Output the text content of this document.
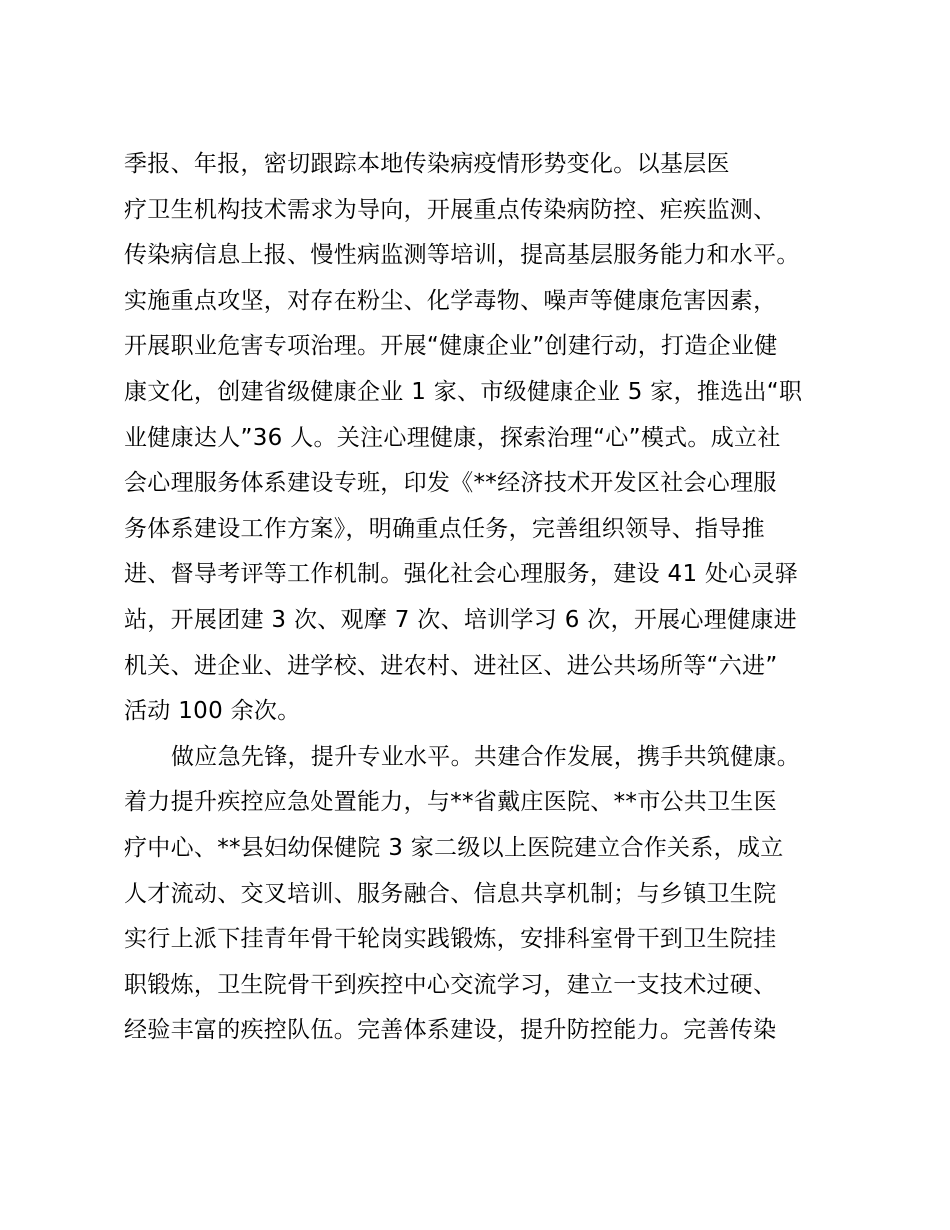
季报、年报，密切跟踪本地传染病疫情形势变化。以基层医
疗卫生机构技术需求为导向，开展重点传染病防控、疟疾监测、
传染病信息上报、慢性病监测等培训，提高基层服务能力和水平。
实施重点攻坚，对存在粉尘、化学毒物、噪声等健康危害因素，
开展职业危害专项治理。开展“健康企业”创建行动，打造企业健
康文化，创建省级健康企业 1 家、市级健康企业 5 家，推选出“职
业健康达人”36 人。关注心理健康，探索治理“心”模式。成立社
会心理服务体系建设专班，印发《**经济技术开发区社会心理服
务体系建设工作方案》，明确重点任务，完善组织领导、指导推
进、督导考评等工作机制。强化社会心理服务，建设 41 处心灵驿
站，开展团建 3 次、观摩 7 次、培训学习 6 次，开展心理健康进
机关、进企业、进学校、进农村、进社区、进公共场所等“六进”
活动 100 余次。
做应急先锋，提升专业水平。共建合作发展，携手共筑健康。
着力提升疾控应急处置能力，与**省戴庄医院、**市公共卫生医
疗中心、**县妇幼保健院 3 家二级以上医院建立合作关系，成立
人才流动、交叉培训、服务融合、信息共享机制；与乡镇卫生院
实行上派下挂青年骨干轮岗实践锻炼，安排科室骨干到卫生院挂
职锻炼，卫生院骨干到疾控中心交流学习，建立一支技术过硬、
经验丰富的疾控队伍。完善体系建设，提升防控能力。完善传染
